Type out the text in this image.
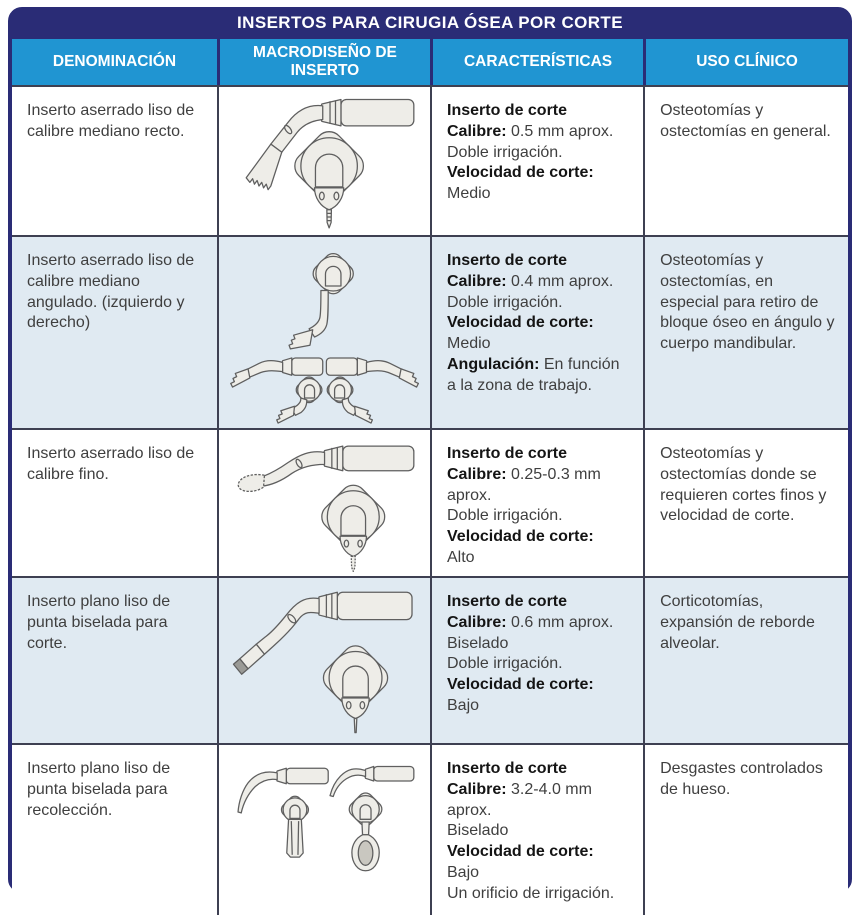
INSERTOS PARA CIRUGIA ÓSEA POR CORTE
DENOMINACIÓN
MACRODISEÑO DE INSERTO
CARACTERÍSTICAS	USO CLÍNICO
Inserto aserrado liso de calibre mediano recto.
Inserto de corte
Calibre: 0.5 mm aprox.
Doble irrigación.
Velocidad de corte:
Medio
Osteotomías y ostectomías en general.
Inserto aserrado liso de calibre mediano angulado. (izquierdo y derecho)
Inserto de corte
Calibre: 0.4 mm aprox.
Doble irrigación.
Velocidad de corte:
Medio
Angulación: En función a la zona de trabajo.
Osteotomías y ostectomías, en especial para retiro de bloque óseo en ángulo y cuerpo mandibular.
Inserto aserrado liso de calibre fino.
Inserto de corte
Calibre: 0.25-0.3 mm aprox.
Doble irrigación.
Velocidad de corte:
Alto
Osteotomías y ostectomías donde se requieren cortes finos y velocidad de corte.
Inserto plano liso de punta biselada para corte.
Inserto de corte
Calibre: 0.6 mm aprox.
Biselado
Doble irrigación.
Velocidad de corte:
Bajo
Corticotomías, expansión de reborde alveolar.
Inserto plano liso de punta biselada para recolección.
Inserto de corte
Calibre: 3.2-4.0 mm aprox.
Biselado
Velocidad de corte:
Bajo
Un orificio de irrigación.
Desgastes controlados de hueso.
